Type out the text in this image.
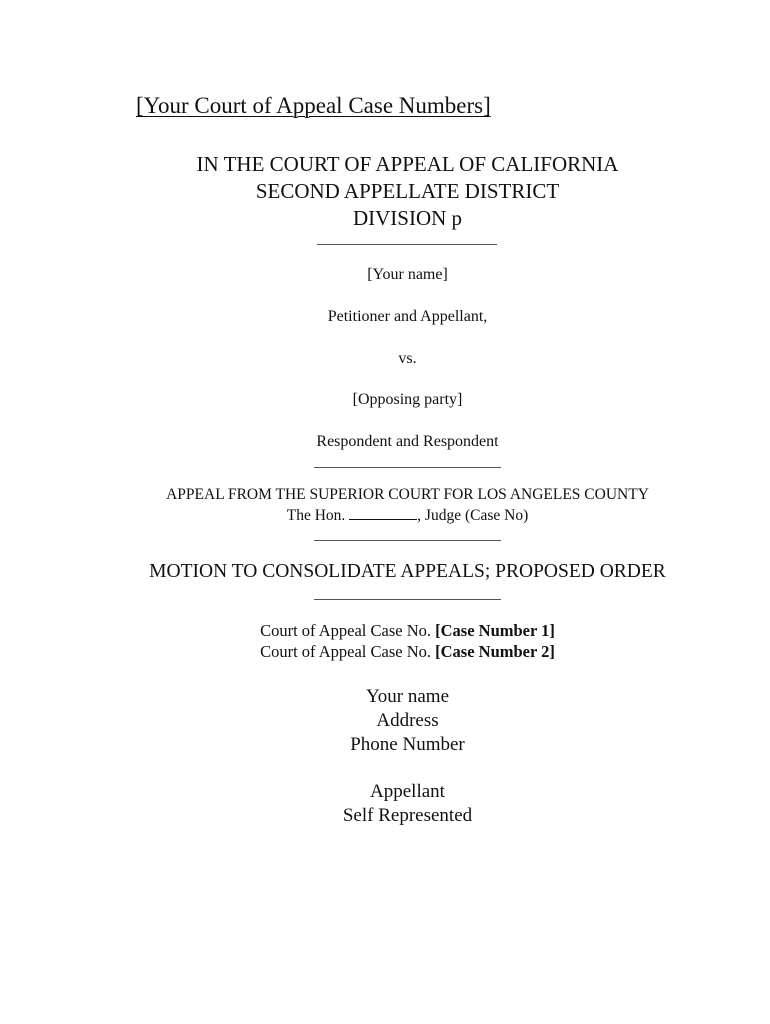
[Your Court of Appeal Case Numbers]
IN THE COURT OF APPEAL OF CALIFORNIA
SECOND APPELLATE DISTRICT
DIVISION p
[Your name]
Petitioner and Appellant,
vs.
[Opposing party]
Respondent and Respondent
APPEAL FROM THE SUPERIOR COURT FOR LOS ANGELES COUNTY
The Hon.	, Judge (Case No)
MOTION TO CONSOLIDATE APPEALS; PROPOSED ORDER
Court of Appeal Case No. [Case Number 1]
Court of Appeal Case No. [Case Number 2]
Your name
Address
Phone Number
Appellant
Self Represented
